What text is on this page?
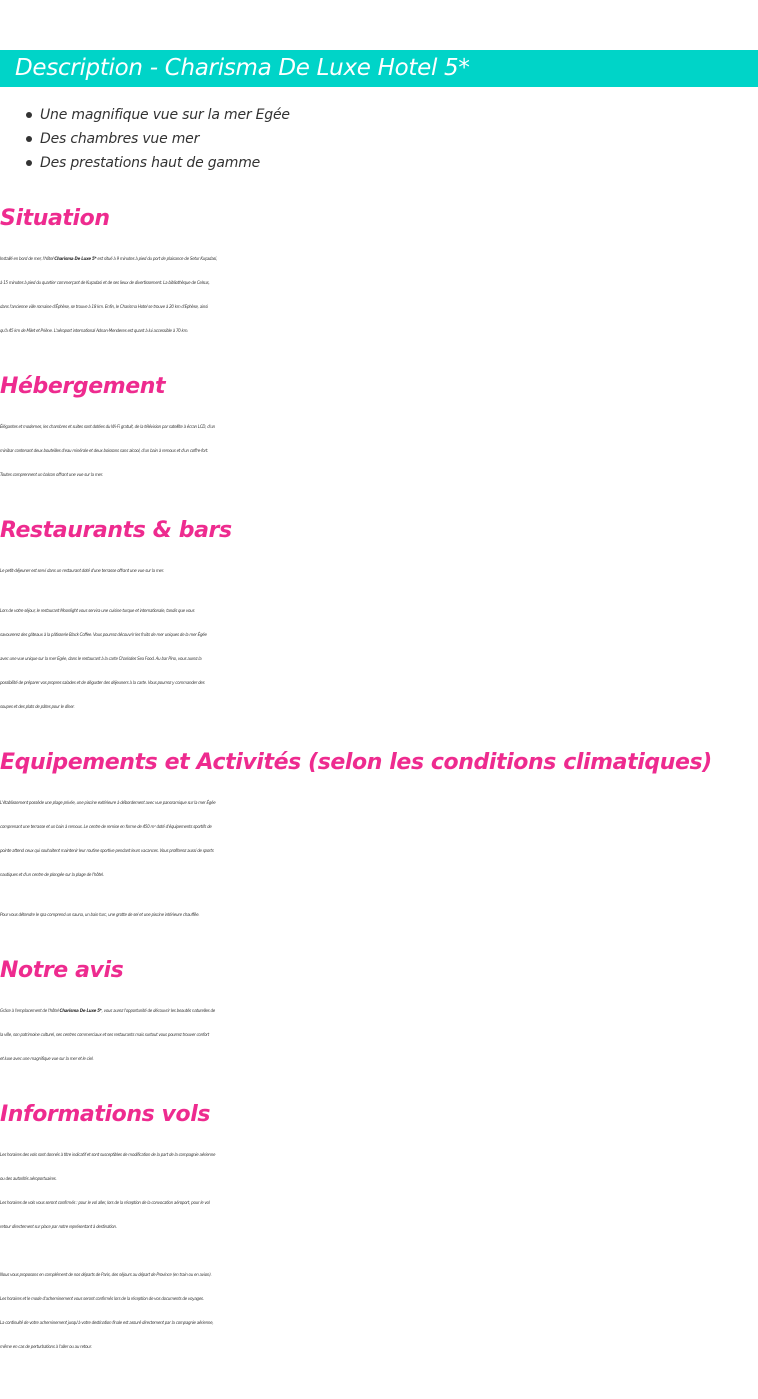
Description - Charisma De Luxe Hotel 5*
Une magnifique vue sur la mer Egée
Des chambres vue mer
Des prestations haut de gamme
Situation
Installé en bord de mer, l'hôtel Charisma De Luxe 5* est situé à 9 minutes à pied du port de plaisance de Setur Kuşadasi,
à 15 minutes à pied du quartier commerçant de Kuşadasi et de ses lieux de divertissement. La bibliothèque de Celsus,
dans l'ancienne ville romaine d'Éphèse, se trouve à 18 km. Enfin, le Charisma Hotel se trouve à 20 km d'Ephèse, ainsi
qu'à 45 km de Milet et Priène. L'aéroport international Adnan-Menderes est quant à lui accessible à 70 km.
Hébergement
Élégantes et modernes, les chambres et suites sont dotées du Wi-Fi gratuit, de la télévision par satellite à écran LCD, d'un
minibar contenant deux bouteilles d'eau minérale et deux boissons sans alcool, d'un bain à remous et d'un coffre-fort.
Toutes comprennent un balcon offrant une vue sur la mer.
Restaurants & bars
Le petit-déjeuner est servi dans un restaurant doté d'une terrasse offrant une vue sur la mer.
Lors de votre séjour, le restaurant Moonlight vous servira une cuisine turque et internationale, tandis que vous
savourerez des gâteaux à la pâtisserie Black Coffee. Vous pourrez découvrir les fruits de mer uniques de la mer Égée
avec une vue unique sur la mer Egée, dans le restaurant à la carte Charisdes Sea Food. Au bar Pino, vous aurez la
possibilité de préparer vos propres salades et de déguster des déjeuners à la carte. Vous pourrez y commander des
soupes et des plats de pâtes pour le dîner.
Equipements et Activités (selon les conditions climatiques)
L'établissement possède une plage privée, une piscine extérieure à débordement avec vue panoramique sur la mer Égée
comprenant une terrasse et un bain à remous. Le centre de remise en forme de 450 m² doté d'équipements sportifs de
pointe attend ceux qui souhaitent maintenir leur routine sportive pendant leurs vacances. Vous profiterez aussi de sports
nautiques et d'un centre de plongée sur la plage de l'hôtel.
Pour vous détendre le spa comprend un sauna, un bain turc, une grotte de sel et une piscine intérieure chauffée.
Notre avis
Grâce à l'emplacement de l'hôtel Charisma De Luxe 5*, vous aurez l'opportunité de découvrir les beautés naturelles de
la ville, son patrimoine culturel, ses centres commerciaux et ses restaurants mais surtout vous pourrez trouver confort
et luxe avec une magnifique vue sur la mer et le ciel.
Informations vols
Les horaires des vols sont donnés à titre indicatif et sont susceptibles de modification de la part de la compagnie aérienne
ou des autorités aéroportuaires.
Les horaires de vols vous seront confirmés : pour le vol aller, lors de la réception de la convocation aéroport, pour le vol
retour directement sur place par notre représentant à destination.
Nous vous proposons en complément de nos départs de Paris, des séjours au départ de Province (en train ou en avion).
Les horaires et le mode d'acheminement vous seront confirmés lors de la réception de vos documents de voyages.
La continuité de votre acheminement jusqu'à votre destination finale est assuré directement par la compagnie aérienne,
même en cas de perturbations à l'aller ou au retour.
